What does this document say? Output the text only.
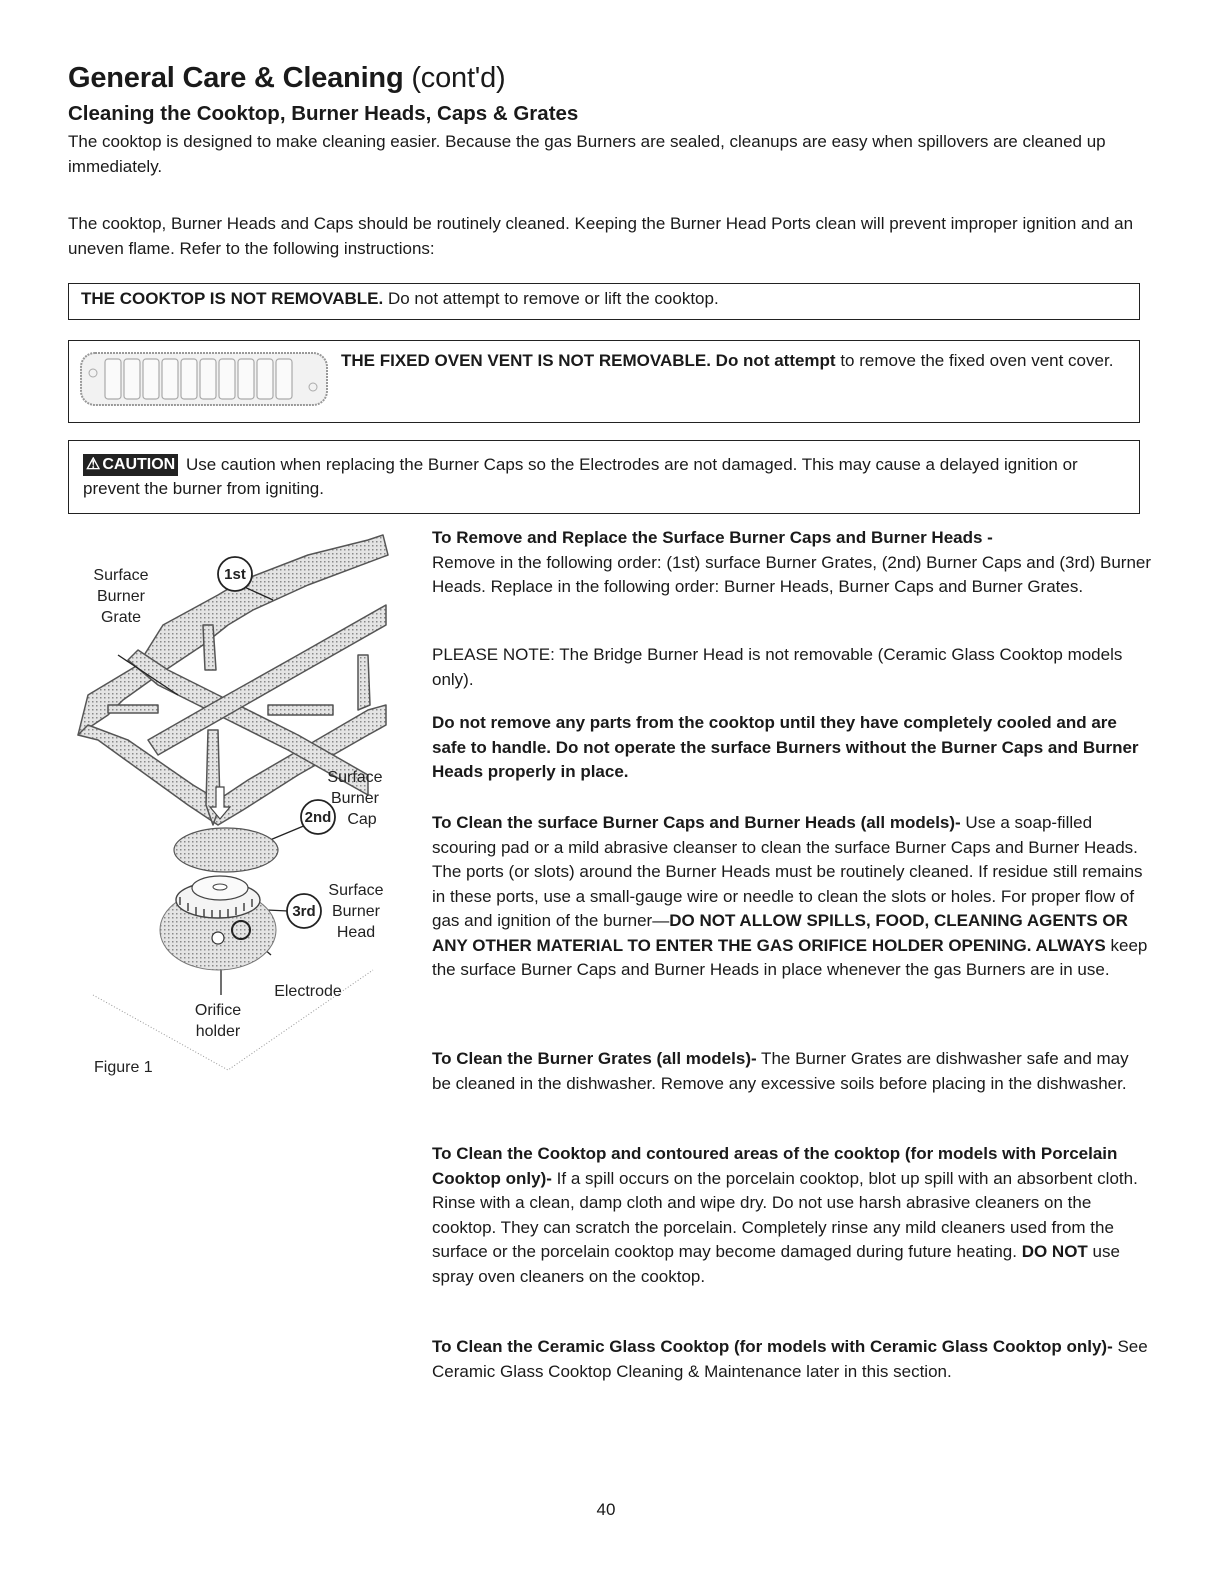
General Care & Cleaning (cont'd)
Cleaning the Cooktop, Burner Heads, Caps & Grates
The cooktop is designed to make cleaning easier. Because the gas Burners are sealed, cleanups are easy when spillovers are cleaned up immediately.
The cooktop, Burner Heads and Caps should be routinely cleaned. Keeping the Burner Head Ports clean will prevent improper ignition and an uneven flame. Refer to the following instructions:
THE COOKTOP IS NOT REMOVABLE. Do not attempt to remove or lift the cooktop.
THE FIXED OVEN VENT IS NOT REMOVABLE. Do not attempt to remove the fixed oven vent cover.
⚠ CAUTION Use caution when replacing the Burner Caps so the Electrodes are not damaged. This may cause a delayed ignition or prevent the burner from igniting.
Surface
Burner
Grate
1st
Surface
Burner
Cap
2nd
Surface
Burner
Head
3rd
Electrode
Orifice
holder
Figure 1
To Remove and Replace the Surface Burner Caps and Burner Heads -
Remove in the following order: (1st) surface Burner Grates, (2nd) Burner Caps and (3rd) Burner Heads. Replace in the following order: Burner Heads, Burner Caps and Burner Grates.
PLEASE NOTE: The Bridge Burner Head is not removable (Ceramic Glass Cooktop models only).
Do not remove any parts from the cooktop until they have completely cooled and are safe to handle. Do not operate the surface Burners without the Burner Caps and Burner Heads properly in place.
To Clean the surface Burner Caps and Burner Heads (all models)- Use a soap-filled scouring pad or a mild abrasive cleanser to clean the surface Burner Caps and Burner Heads. The ports (or slots) around the Burner Heads must be routinely cleaned. If residue still remains in these ports, use a small-gauge wire or needle to clean the slots or holes. For proper flow of gas and ignition of the burner—DO NOT ALLOW SPILLS, FOOD, CLEANING AGENTS OR ANY OTHER MATERIAL TO ENTER THE GAS ORIFICE HOLDER OPENING. ALWAYS keep the surface Burner Caps and Burner Heads in place whenever the gas Burners are in use.
To Clean the Burner Grates (all models)- The Burner Grates are dishwasher safe and may be cleaned in the dishwasher. Remove any excessive soils before placing in the dishwasher.
To Clean the Cooktop and contoured areas of the cooktop (for models with Porcelain Cooktop only)- If a spill occurs on the porcelain cooktop, blot up spill with an absorbent cloth. Rinse with a clean, damp cloth and wipe dry. Do not use harsh abrasive cleaners on the cooktop. They can scratch the porcelain. Completely rinse any mild cleaners used from the surface or the porcelain cooktop may become damaged during future heating. DO NOT use spray oven cleaners on the cooktop.
To Clean the Ceramic Glass Cooktop (for models with Ceramic Glass Cooktop only)- See Ceramic Glass Cooktop Cleaning & Maintenance later in this section.
40
